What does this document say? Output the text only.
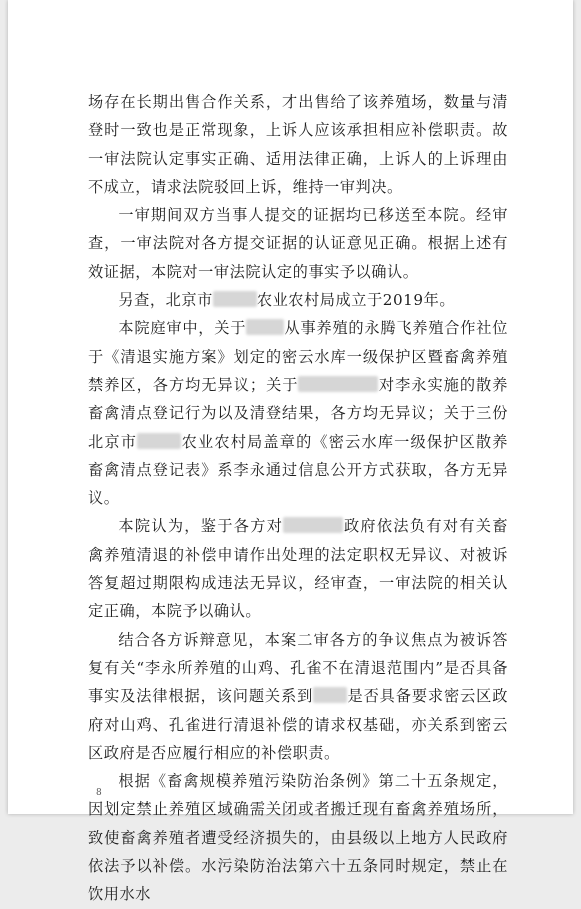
场存在长期出售合作关系，才出售给了该养殖场，数量与清登时一致也是正常现象，上诉人应该承担相应补偿职责。故一审法院认定事实正确、适用法律正确，上诉人的上诉理由不成立，请求法院驳回上诉，维持一审判决。

一审期间双方当事人提交的证据均已移送至本院。经审查，一审法院对各方提交证据的认证意见正确。根据上述有效证据，本院对一审法院认定的事实予以确认。

另查，北京市	农业农村局成立于2019年。

本院庭审中，关于	从事养殖的永腾飞养殖合作社位于《清退实施方案》划定的密云水库一级保护区暨畜禽养殖禁养区，各方均无异议；关于	对李永实施的散养畜禽清点登记行为以及清登结果，各方均无异议；关于三份北京市	农业农村局盖章的《密云水库一级保护区散养畜禽清点登记表》系李永通过信息公开方式获取，各方无异议。

本院认为，鉴于各方对	政府依法负有对有关畜禽养殖清退的补偿申请作出处理的法定职权无异议、对被诉答复超过期限构成违法无异议，经审查，一审法院的相关认定正确，本院予以确认。

结合各方诉辩意见，本案二审各方的争议焦点为被诉答复有关“李永所养殖的山鸡、孔雀不在清退范围内”是否具备事实及法律根据，该问题关系到 是否具备要求密云区政府对山鸡、孔雀进行清退补偿的请求权基础，亦关系到密云区政府是否应履行相应的补偿职责。

根据《畜禽规模养殖污染防治条例》第二十五条规定，因划定禁止养殖区域确需关闭或者搬迁现有畜禽养殖场所，致使畜禽养殖者遭受经济损失的，由县级以上地方人民政府依法予以补偿。水污染防治法第六十五条同时规定，禁止在饮用水水

8
